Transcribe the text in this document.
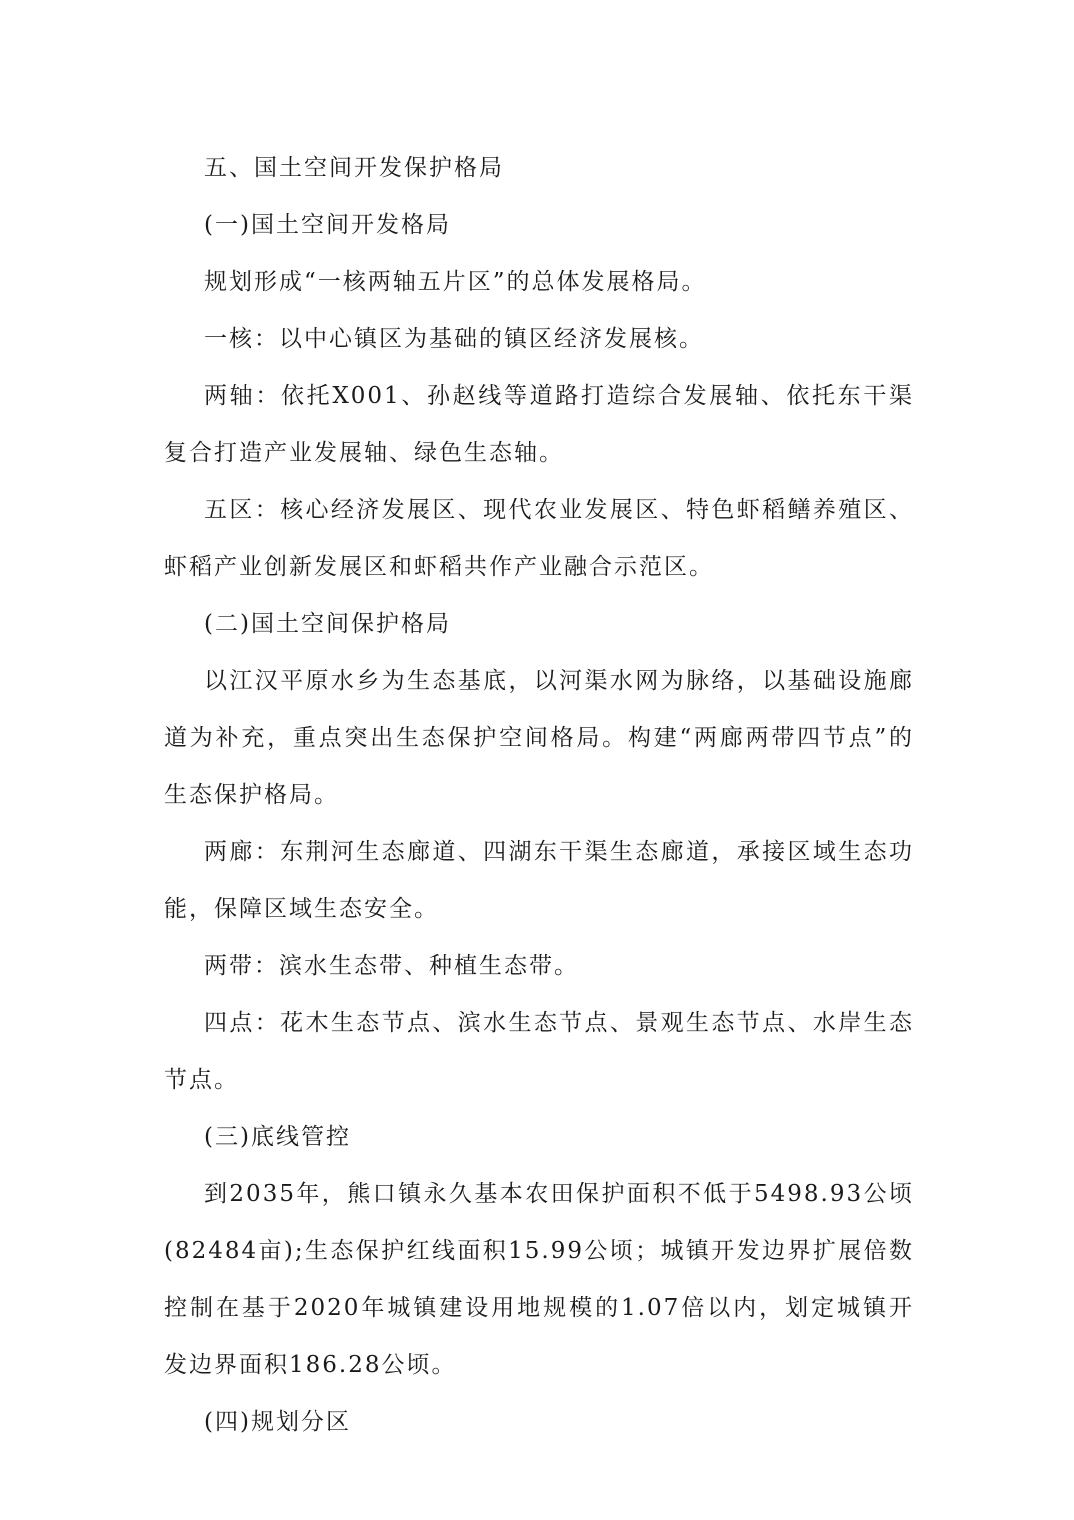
五、国土空间开发保护格局

(一)国土空间开发格局

规划形成“一核两轴五片区”的总体发展格局。

一核：以中心镇区为基础的镇区经济发展核。

两轴：依托X001、孙赵线等道路打造综合发展轴、依托东干渠复合打造产业发展轴、绿色生态轴。

五区：核心经济发展区、现代农业发展区、特色虾稻鳝养殖区、虾稻产业创新发展区和虾稻共作产业融合示范区。

(二)国土空间保护格局

以江汉平原水乡为生态基底，以河渠水网为脉络，以基础设施廊道为补充，重点突出生态保护空间格局。构建“两廊两带四节点”的生态保护格局。

两廊：东荆河生态廊道、四湖东干渠生态廊道，承接区域生态功能，保障区域生态安全。

两带：滨水生态带、种植生态带。

四点：花木生态节点、滨水生态节点、景观生态节点、水岸生态节点。

(三)底线管控

到2035年，熊口镇永久基本农田保护面积不低于5498.93公顷(82484亩);生态保护红线面积15.99公顷；城镇开发边界扩展倍数控制在基于2020年城镇建设用地规模的1.07倍以内，划定城镇开发边界面积186.28公顷。

(四)规划分区
